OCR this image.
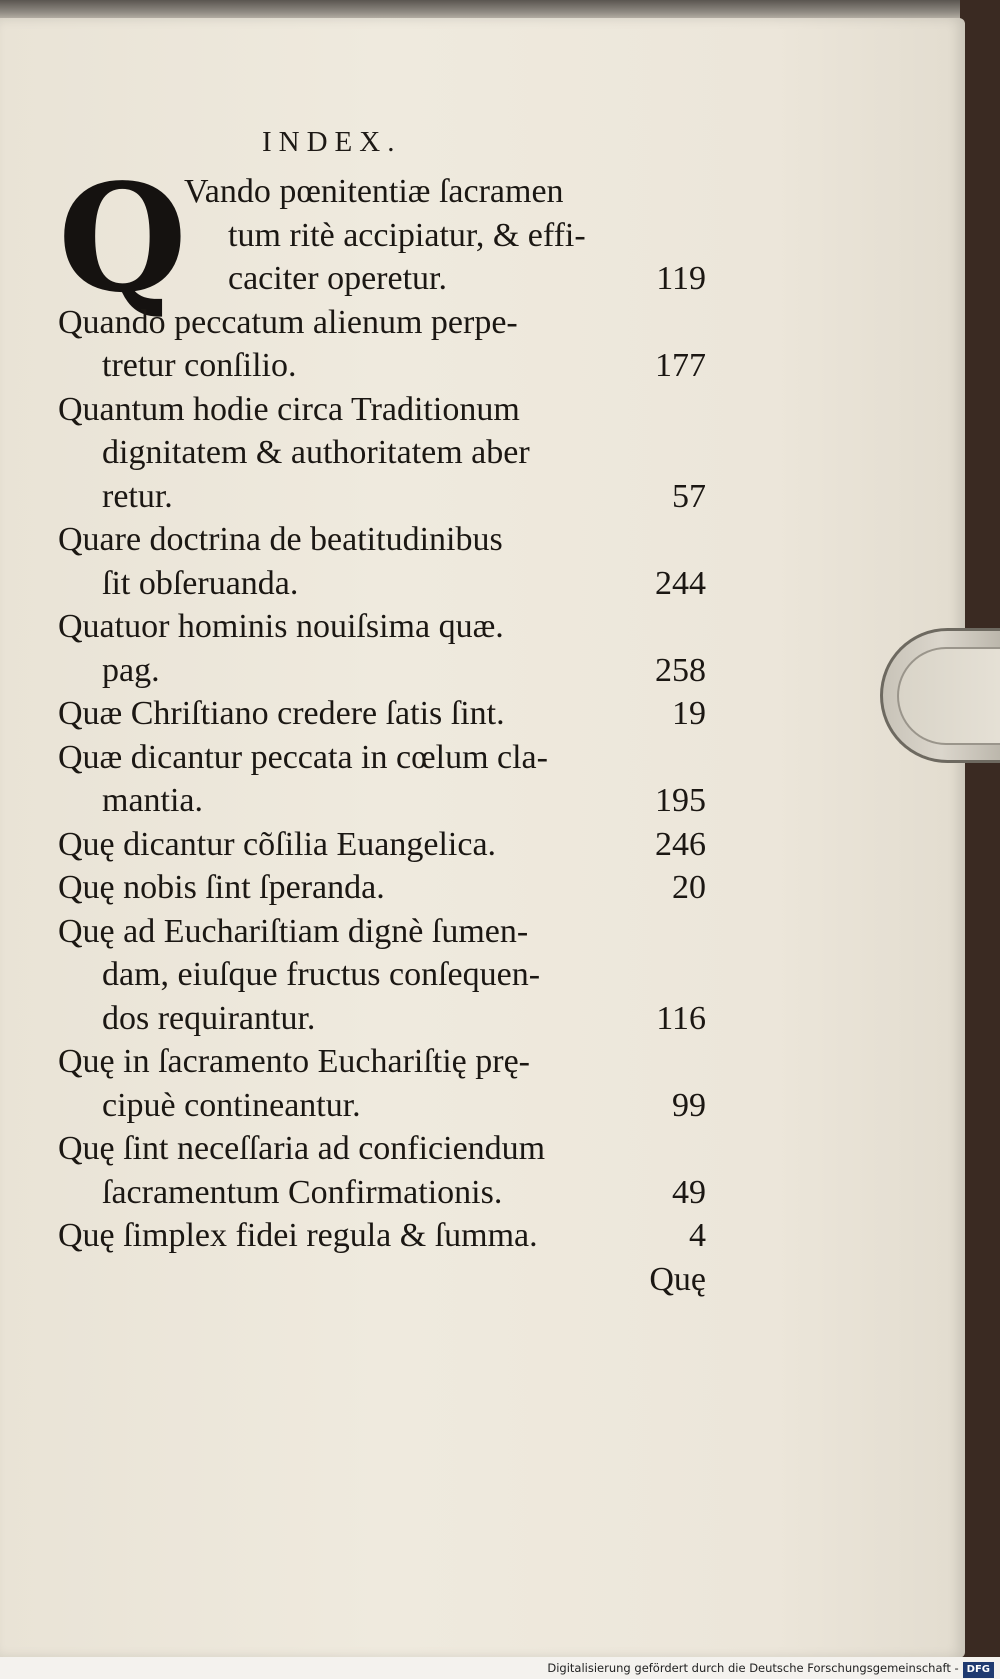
INDEX.
Q
Vando pœnitentiæ ſacramen
tum ritè accipiatur, & effi-
caciter operetur.	119
Quando peccatum alienum perpe-
tretur conſilio.	177
Quantum hodie circa Traditionum
dignitatem & authoritatem aber
retur.	57
Quare doctrina de beatitudinibus
ſit obſeruanda.	244
Quatuor hominis nouiſsima quæ.
pag.	258
Quæ Chriſtiano credere ſatis ſint.	19
Quæ dicantur peccata in cœlum cla-
mantia.	195
Quę dicantur cõſilia Euangelica.	246
Quę nobis ſint ſperanda.	20
Quę ad Euchariſtiam dignè ſumen-
dam, eiuſque fructus conſequen-
dos requirantur.	116
Quę in ſacramento Euchariſtię prę-
cipuè contineantur.	99
Quę ſint neceſſaria ad conficiendum
ſacramentum Confirmationis.	49
Quę ſimplex fidei regula & ſumma.	4
Quę
Digitalisierung gefördert durch die Deutsche Forschungsgemeinschaft - DFG
